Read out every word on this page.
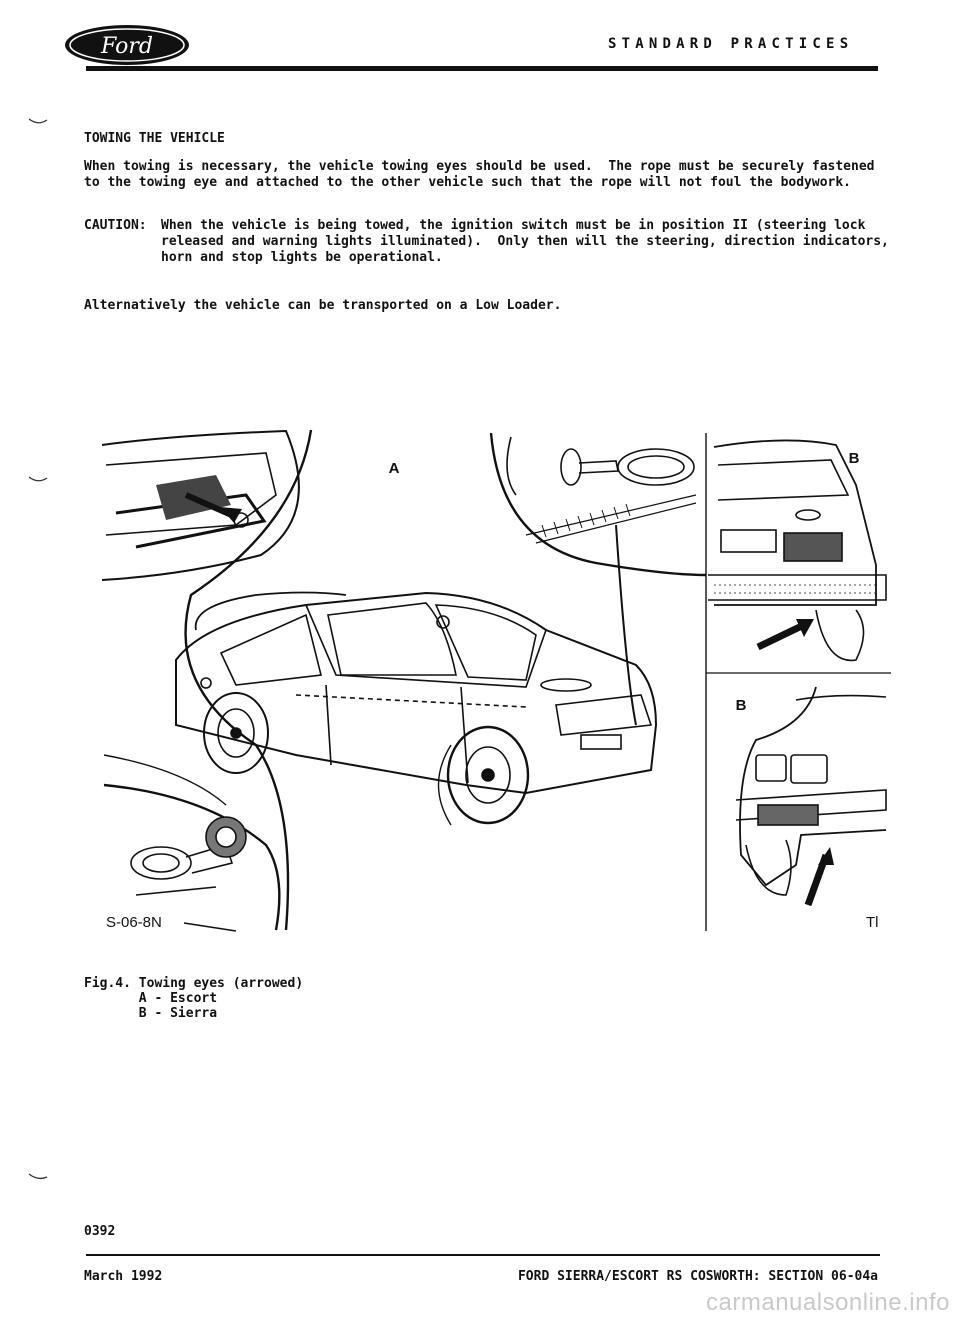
Ford	STANDARD PRACTICES
TOWING THE VEHICLE
When towing is necessary, the vehicle towing eyes should be used.  The rope must be securely fastened
to the towing eye and attached to the other vehicle such that the rope will not foul the bodywork.
CAUTION: When the vehicle is being towed, the ignition switch must be in position II (steering lock
released and warning lights illuminated).  Only then will the steering, direction indicators,
horn and stop lights be operational.
Alternatively the vehicle can be transported on a Low Loader.
A
B
B
S-06-8N	Tl
Fig.4. Towing eyes (arrowed)
A - Escort
B - Sierra
0392
March 1992	FORD SIERRA/ESCORT RS COSWORTH: SECTION 06-04a
carmanualsonline.info
